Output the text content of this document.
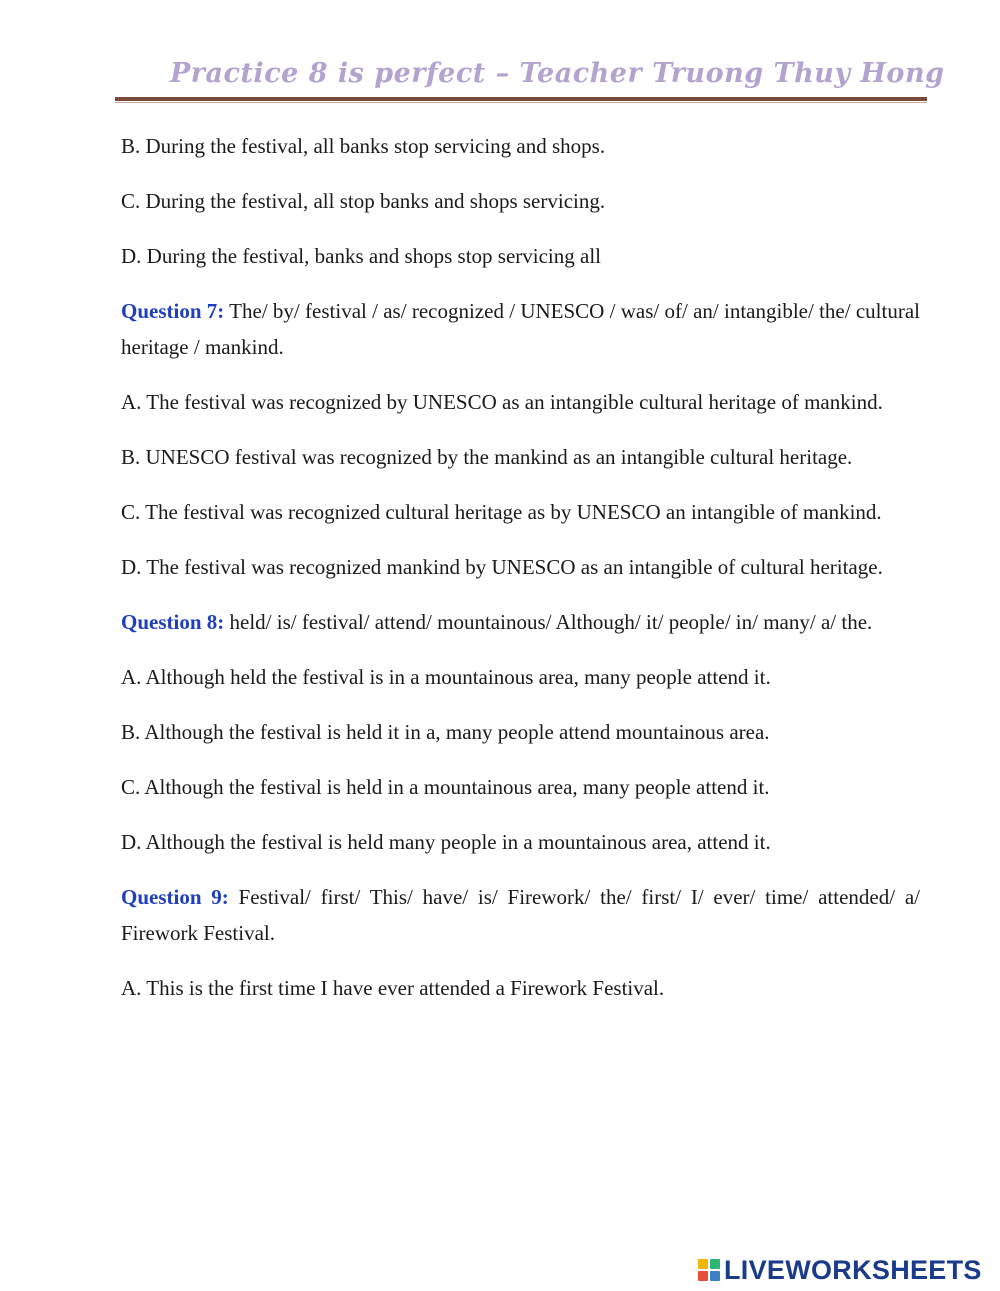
Practice 8 is perfect – Teacher Truong Thuy Hong

B. During the festival, all banks stop servicing and shops.

C. During the festival, all stop banks and shops servicing.

D. During the festival, banks and shops stop servicing all

Question 7: The/ by/ festival / as/ recognized / UNESCO / was/ of/ an/ intangible/ the/ cultural heritage / mankind.

A. The festival was recognized by UNESCO as an intangible cultural heritage of mankind.

B. UNESCO festival was recognized by the mankind as an intangible cultural heritage.

C. The festival was recognized cultural heritage as by UNESCO an intangible of mankind.

D. The festival was recognized mankind by UNESCO as an intangible of cultural heritage.

Question 8: held/ is/ festival/ attend/ mountainous/ Although/ it/ people/ in/ many/ a/ the.

A. Although held the festival is in a mountainous area, many people attend it.

B. Although the festival is held it in a, many people attend mountainous area.

C. Although the festival is held in a mountainous area, many people attend it.

D. Although the festival is held many people in a mountainous area, attend it.

Question 9: Festival/ first/ This/ have/ is/ Firework/ the/ first/ I/ ever/ time/ attended/ a/ Firework Festival.

A. This is the first time I have ever attended a Firework Festival.

LIVEWORKSHEETS
